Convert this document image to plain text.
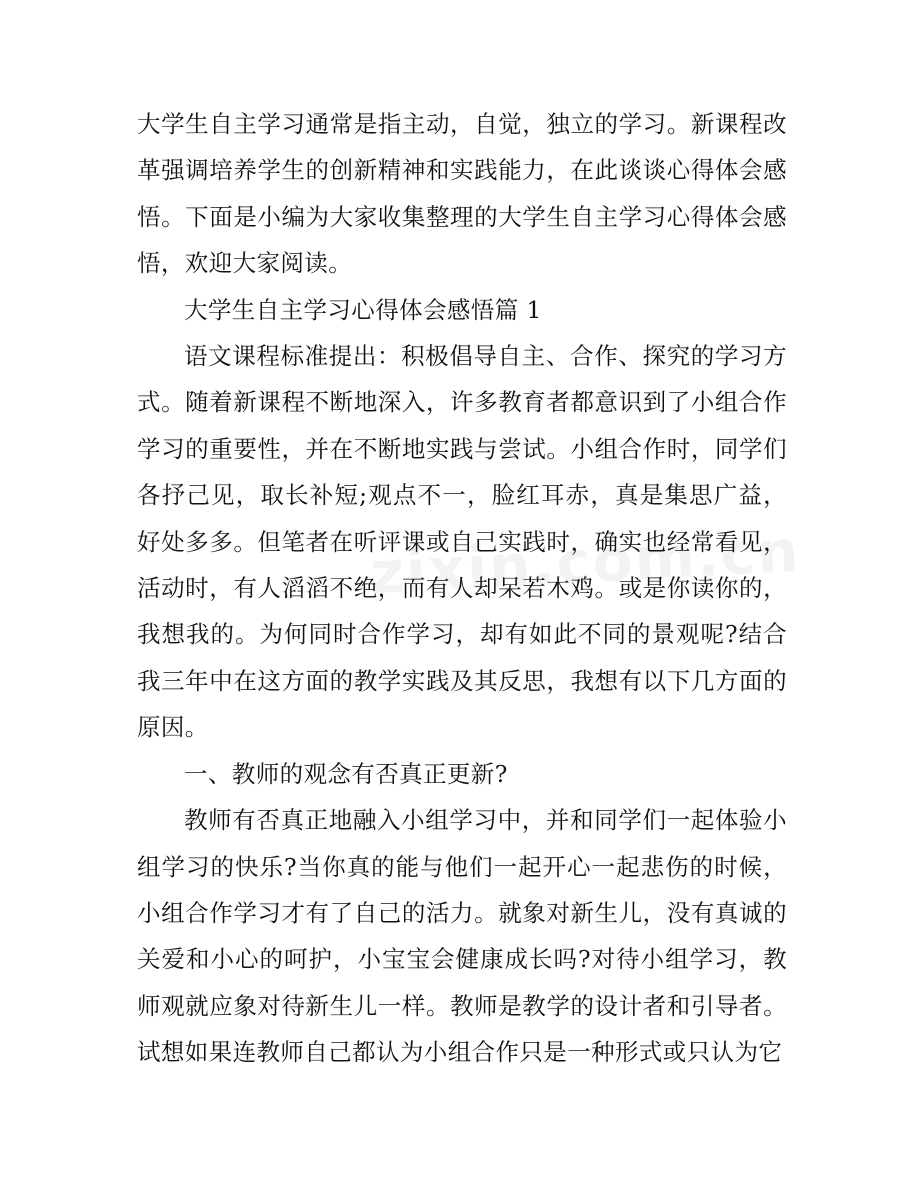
大学生自主学习通常是指主动，自觉，独立的学习。新课程改革强调培养学生的创新精神和实践能力，在此谈谈心得体会感悟。下面是小编为大家收集整理的大学生自主学习心得体会感悟，欢迎大家阅读。

大学生自主学习心得体会感悟篇 1

语文课程标准提出：积极倡导自主、合作、探究的学习方式。随着新课程不断地深入，许多教育者都意识到了小组合作学习的重要性，并在不断地实践与尝试。小组合作时，同学们各抒己见，取长补短;观点不一，脸红耳赤，真是集思广益，好处多多。但笔者在听评课或自己实践时，确实也经常看见，活动时，有人滔滔不绝，而有人却呆若木鸡。或是你读你的，我想我的。为何同时合作学习，却有如此不同的景观呢?结合我三年中在这方面的教学实践及其反思，我想有以下几方面的原因。

一、教师的观念有否真正更新?

教师有否真正地融入小组学习中，并和同学们一起体验小组学习的快乐?当你真的能与他们一起开心一起悲伤的时候，小组合作学习才有了自己的活力。就象对新生儿，没有真诚的关爱和小心的呵护，小宝宝会健康成长吗?对待小组学习，教师观就应象对待新生儿一样。教师是教学的设计者和引导者。试想如果连教师自己都认为小组合作只是一种形式或只认为它
